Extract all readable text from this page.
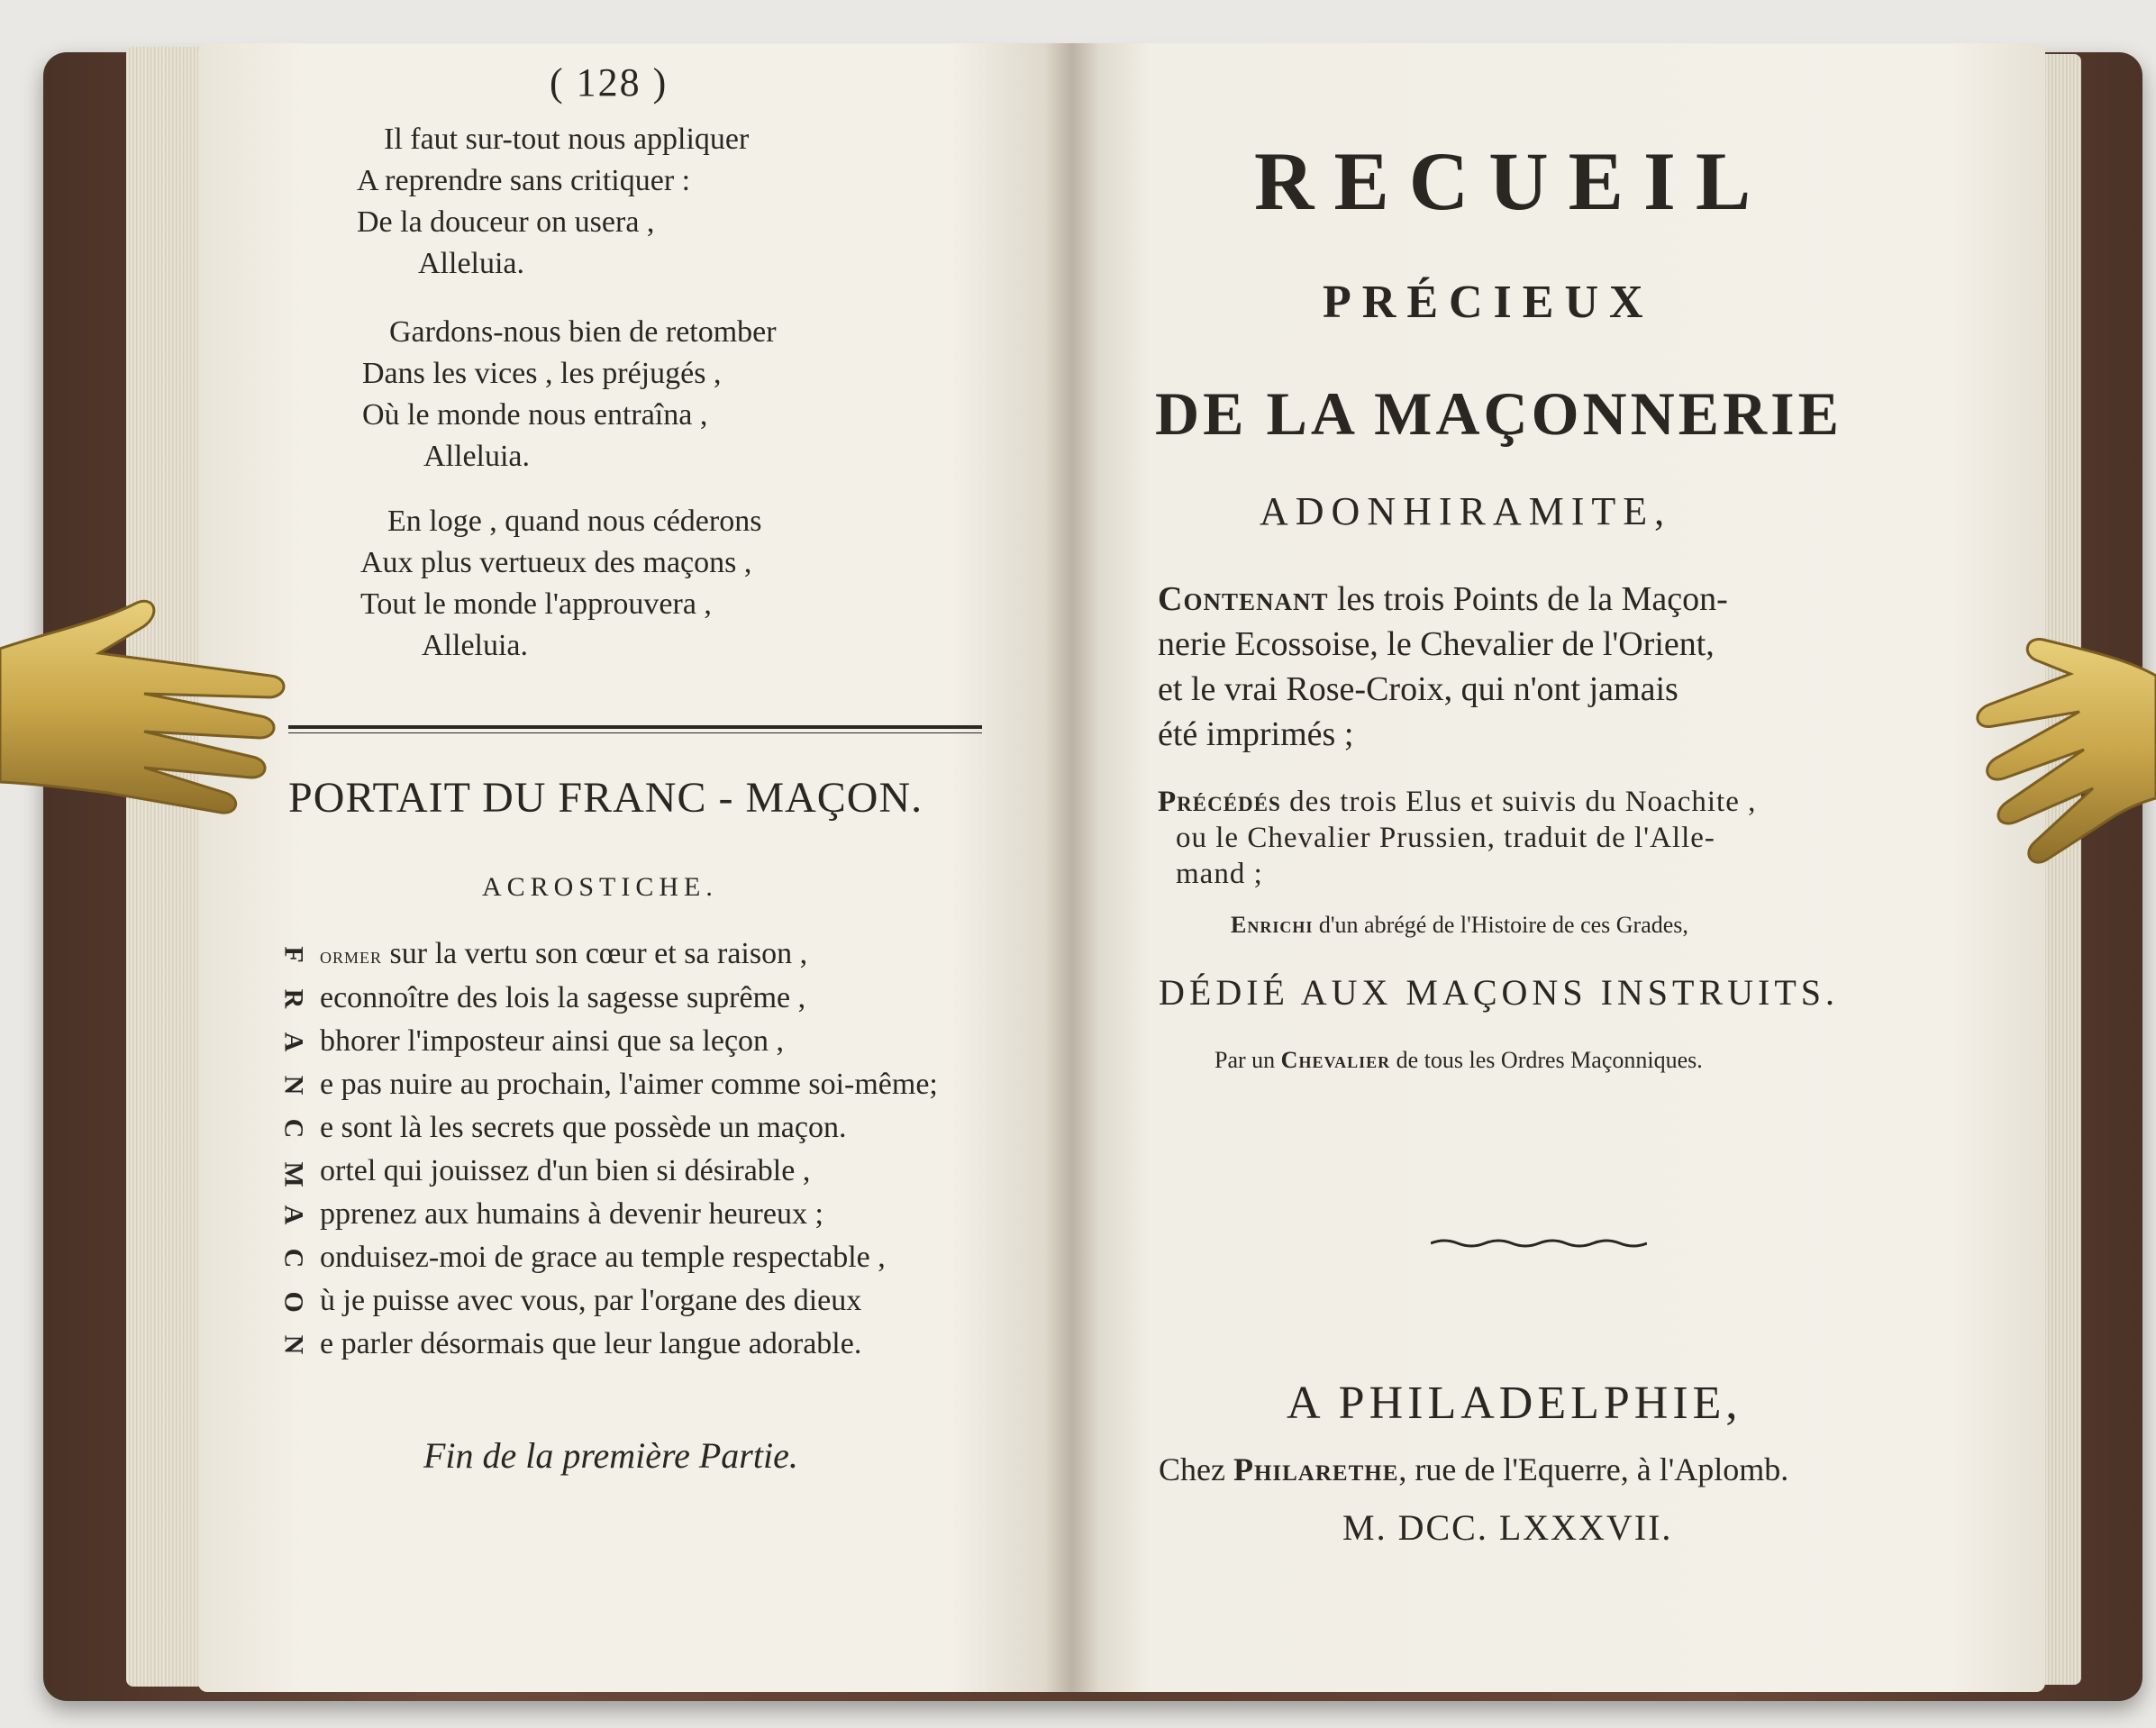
( 128 )
Il faut sur-tout nous appliquer
A reprendre sans critiquer :
De la douceur on usera ,
Alleluia.
Gardons-nous bien de retomber
Dans les vices , les préjugés ,
Où le monde nous entraîna ,
Alleluia.
En loge , quand nous céderons
Aux plus vertueux des maçons ,
Tout le monde l'approuvera ,
Alleluia.
PORTAIT DU FRANC - MAÇON.
ACROSTICHE.
F ormer sur la vertu son cœur et sa raison ,
R econnoître des lois la sagesse suprême ,
A bhorer l'imposteur ainsi que sa leçon ,
N e pas nuire au prochain, l'aimer comme soi-même;
C e sont là les secrets que possède un maçon.
M ortel qui jouissez d'un bien si désirable ,
A pprenez aux humains à devenir heureux ;
C onduisez-moi de grace au temple respectable ,
O ù je puisse avec vous, par l'organe des dieux
N e parler désormais que leur langue adorable.
Fin de la première Partie.
RECUEIL
PRÉCIEUX
DE LA MAÇONNERIE
ADONHIRAMITE,
Contenant les trois Points de la Maçon-
nerie Ecossoise, le Chevalier de l'Orient,
et le vrai Rose-Croix, qui n'ont jamais
été imprimés ;
Précédés des trois Elus et suivis du Noachite ,
ou le Chevalier Prussien, traduit de l'Alle-
mand ;
Enrichi d'un abrégé de l'Histoire de ces Grades,
DÉDIÉ AUX MAÇONS INSTRUITS.
Par un Chevalier de tous les Ordres Maçonniques.
A PHILADELPHIE,
Chez Philarethe, rue de l'Equerre, à l'Aplomb.
M. DCC. LXXXVII.
